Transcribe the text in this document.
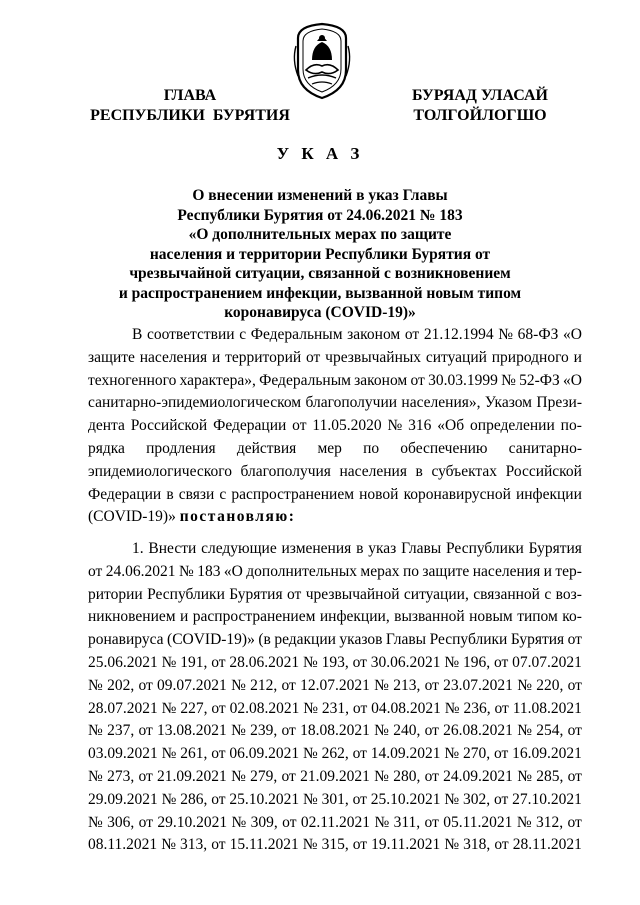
ГЛАВА
РЕСПУБЛИКИ  БУРЯТИЯ
БУРЯАД УЛАСАЙ
ТОЛГОЙЛОГШО
У К А З
О внесении изменений в указ Главы
Республики Бурятия от 24.06.2021 № 183
«О дополнительных мерах по защите
населения и территории Республики Бурятия от
чрезвычайной ситуации, связанной с возникновением
и распространением инфекции, вызванной новым типом
коронавируса (COVID-19)»
В соответствии с Федеральным законом от 21.12.1994 № 68-ФЗ «О
защите населения и территорий от чрезвычайных ситуаций природного и
техногенного характера», Федеральным законом от 30.03.1999 № 52-ФЗ «О
санитарно-эпидемиологическом благополучии населения», Указом Прези-
дента Российской Федерации от 11.05.2020 № 316 «Об определении по-
рядка продления действия мер по обеспечению санитарно-
эпидемиологического благополучия населения в субъектах Российской
Федерации в связи с распространением новой коронавирусной инфекции
(COVID-19)» постановляю:
1. Внести следующие изменения в указ Главы Республики Бурятия
от 24.06.2021 № 183 «О дополнительных мерах по защите населения и тер-
ритории Республики Бурятия от чрезвычайной ситуации, связанной с воз-
никновением и распространением инфекции, вызванной новым типом ко-
ронавируса (COVID-19)» (в редакции указов Главы Республики Бурятия от
25.06.2021 № 191, от 28.06.2021 № 193, от 30.06.2021 № 196, от 07.07.2021
№ 202, от 09.07.2021 № 212, от 12.07.2021 № 213, от 23.07.2021 № 220, от
28.07.2021 № 227, от 02.08.2021 № 231, от 04.08.2021 № 236, от 11.08.2021
№ 237, от 13.08.2021 № 239, от 18.08.2021 № 240, от 26.08.2021 № 254, от
03.09.2021 № 261, от 06.09.2021 № 262, от 14.09.2021 № 270, от 16.09.2021
№ 273, от 21.09.2021 № 279, от 21.09.2021 № 280, от 24.09.2021 № 285, от
29.09.2021 № 286, от 25.10.2021 № 301, от 25.10.2021 № 302, от 27.10.2021
№ 306, от 29.10.2021 № 309, от 02.11.2021 № 311, от 05.11.2021 № 312, от
08.11.2021 № 313, от 15.11.2021 № 315, от 19.11.2021 № 318, от 28.11.2021
